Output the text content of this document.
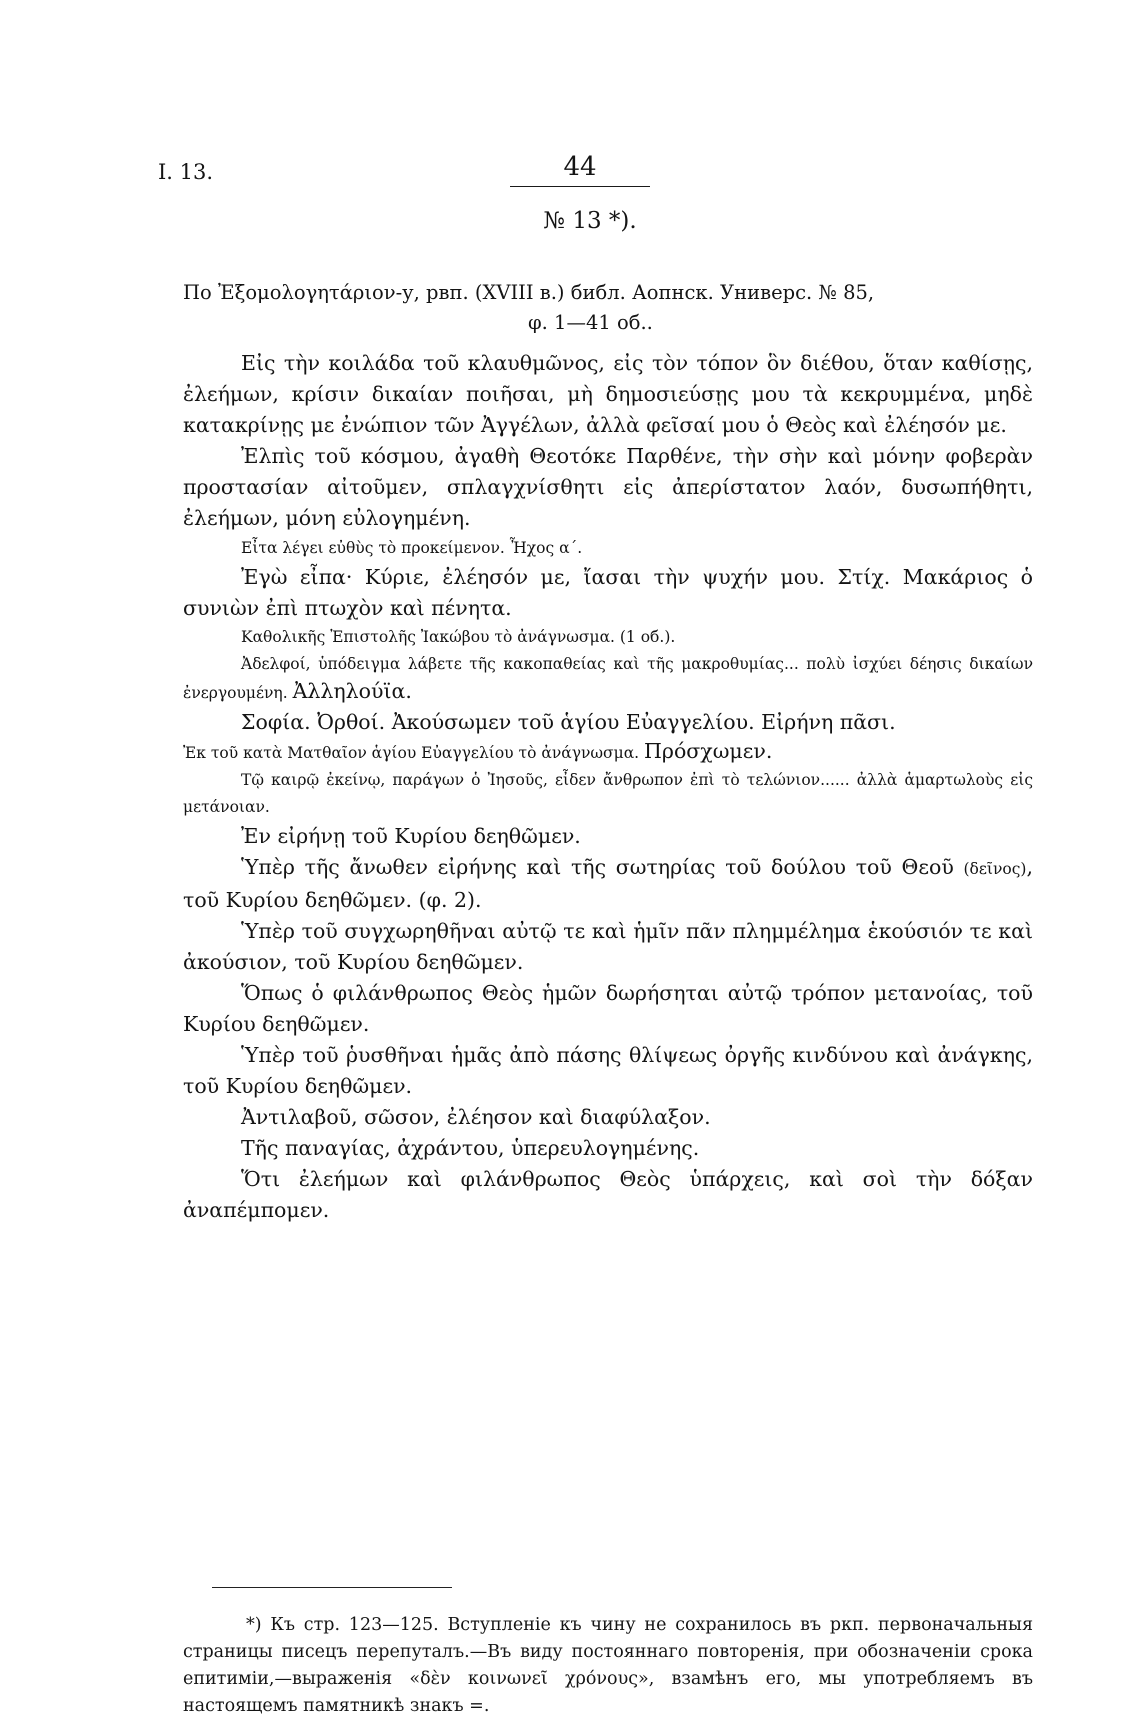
I. 13.	44
№ 13 *).
По Ἐξομολογητάριον-у, рвп. (XVIII в.) библ. Аопнск. Универс. № 85,
φ. 1—41 об..

Εἰς τὴν κοιλάδα τοῦ κλαυθμῶνος, εἰς τὸν τόπον ὃν διέθου, ὅταν καθίσῃς, ἐλεήμων, κρίσιν δικαίαν ποιῆσαι, μὴ δημοσιεύσῃς μου τὰ κεκρυμμένα, μηδὲ κατακρίνῃς με ἐνώπιον τῶν Ἀγγέλων, ἀλλὰ φεῖσαί μου ὁ Θεὸς καὶ ἐλέησόν με.

Ἐλπὶς τοῦ κόσμου, ἀγαθὴ Θεοτόκε Παρθένε, τὴν σὴν καὶ μόνην φοβερὰν προστασίαν αἰτοῦμεν, σπλαγχνίσθητι εἰς ἀπερίστατον λαόν, δυσωπήθητι, ἐλεήμων, μόνη εὐλογημένη.

Εἶτα λέγει εὐθὺς τὸ προκείμενον. Ἦχος α΄.

Ἐγὼ εἶπα· Κύριε, ἐλέησόν με, ἴασαι τὴν ψυχήν μου. Στίχ. Μακάριος ὁ συνιὼν ἐπὶ πτωχὸν καὶ πένητα.

Καθολικῆς Ἐπιστολῆς Ἰακώβου τὸ ἀνάγνωσμα. (1 об.).

Ἀδελφοί, ὑπόδειγμα λάβετε τῆς κακοπαθείας καὶ τῆς μακροθυμίας... πολὺ ἰσχύει δέησις δικαίων ἐνεργουμένη. Ἀλληλούϊα.

Σοφία. Ὀρθοί. Ἀκούσωμεν τοῦ ἁγίου Εὐαγγελίου. Εἰρήνη πᾶσι.

Ἐκ τοῦ κατὰ Ματθαῖον ἁγίου Εὐαγγελίου τὸ ἀνάγνωσμα. Πρόσχωμεν.

Τῷ καιρῷ ἐκείνῳ, παράγων ὁ Ἰησοῦς, εἶδεν ἄνθρωπον ἐπὶ τὸ τελώνιον...... ἀλλὰ ἁμαρτωλοὺς εἰς μετάνοιαν.

Ἐν εἰρήνῃ τοῦ Κυρίου δεηθῶμεν.

Ὑπὲρ τῆς ἄνωθεν εἰρήνης καὶ τῆς σωτηρίας τοῦ δούλου τοῦ Θεοῦ (δεῖνος), τοῦ Κυρίου δεηθῶμεν. (φ. 2).

Ὑπὲρ τοῦ συγχωρηθῆναι αὐτῷ τε καὶ ἡμῖν πᾶν πλημμέλημα ἑκούσιόν τε καὶ ἀκούσιον, τοῦ Κυρίου δεηθῶμεν.

Ὅπως ὁ φιλάνθρωπος Θεὸς ἡμῶν δωρήσηται αὐτῷ τρόπον μετανοίας, τοῦ Κυρίου δεηθῶμεν.

Ὑπὲρ τοῦ ῥυσθῆναι ἡμᾶς ἀπὸ πάσης θλίψεως ὀργῆς κινδύνου καὶ ἀνάγκης, τοῦ Κυρίου δεηθῶμεν.

Ἀντιλαβοῦ, σῶσον, ἐλέησον καὶ διαφύλαξον.

Τῆς παναγίας, ἀχράντου, ὑπερευλογημένης.

Ὅτι ἐλεήμων καὶ φιλάνθρωπος Θεὸς ὑπάρχεις, καὶ σοὶ τὴν δόξαν ἀναπέμπομεν.

*) Къ стр. 123—125. Вступленіе къ чину не сохранилось въ ркп. первоначальныя страницы писецъ перепуталъ.—Въ виду постояннаго повторенія, при обозначеніи срока епитиміи,—выраженія «δὲν κοινωνεῖ χρόνους», взамѣнъ его, мы употребляемъ въ настоящемъ памятникѣ знакъ =.
